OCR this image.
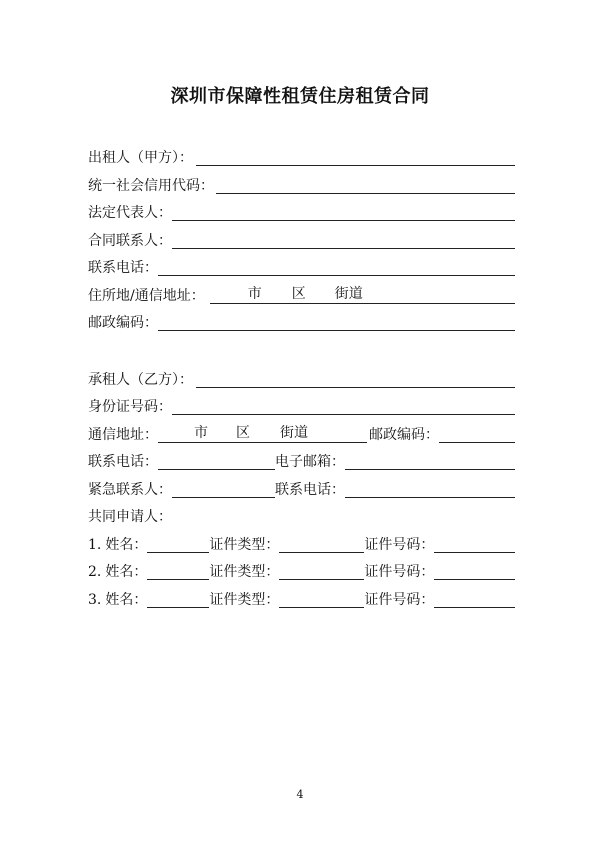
深圳市保障性租赁住房租赁合同
出租人（甲方）：
统一社会信用代码：
法定代表人：
合同联系人：
联系电话：
住所地/通信地址：	市 区 街道
邮政编码：
承租人（乙方）：
身份证号码：
通信地址：	市 区 街道	邮政编码：
联系电话：	电子邮箱：
紧急联系人：	联系电话：
共同申请人：
1. 姓名：	证件类型：	证件号码：
2. 姓名：	证件类型：	证件号码：
3. 姓名：	证件类型：	证件号码：
4
